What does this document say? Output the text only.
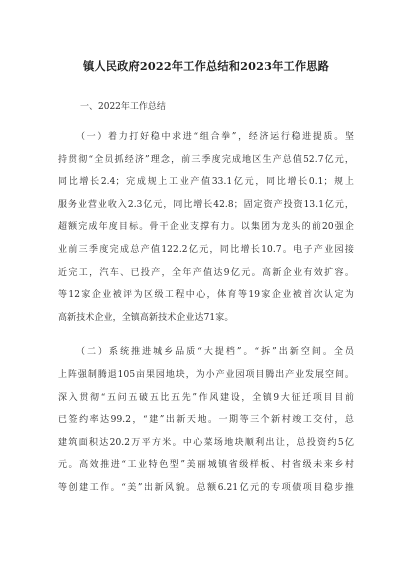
镇人民政府2022年工作总结和2023年工作思路
一、2022年工作总结
（一）着力打好稳中求进“组合拳”，经济运行稳进提质。坚
持贯彻“全员抓经济”理念，前三季度完成地区生产总值52.7亿元，
同比增长2.4；完成规上工业产值33.1亿元，同比增长0.1；规上
服务业营业收入2.3亿元，同比增长42.8；固定资产投资13.1亿元，
超额完成年度目标。骨干企业支撑有力。以集团为龙头的前20强企
业前三季度完成总产值122.2亿元，同比增长10.7。电子产业园接
近完工，汽车、已投产，全年产值达9亿元。高新企业有效扩容。
等12家企业被评为区级工程中心，体育等19家企业被首次认定为
高新技术企业，全镇高新技术企业达71家。
（二）系统推进城乡品质“大提档”。“拆”出新空间。全员
上阵强制腾退105亩果园地块，为小产业园项目腾出产业发展空间。
深入贯彻“五问五破五比五先”作风建设，全镇9大征迁项目目前
已签约率达99.2，“建”出新天地。一期等三个新村竣工交付，总
建筑面积达20.2万平方米。中心菜场地块顺利出让，总投资约5亿
元。高效推进“工业特色型”美丽城镇省级样板、村省级未来乡村
等创建工作。“美”出新风貌。总额6.21亿元的专项债项目稳步推
